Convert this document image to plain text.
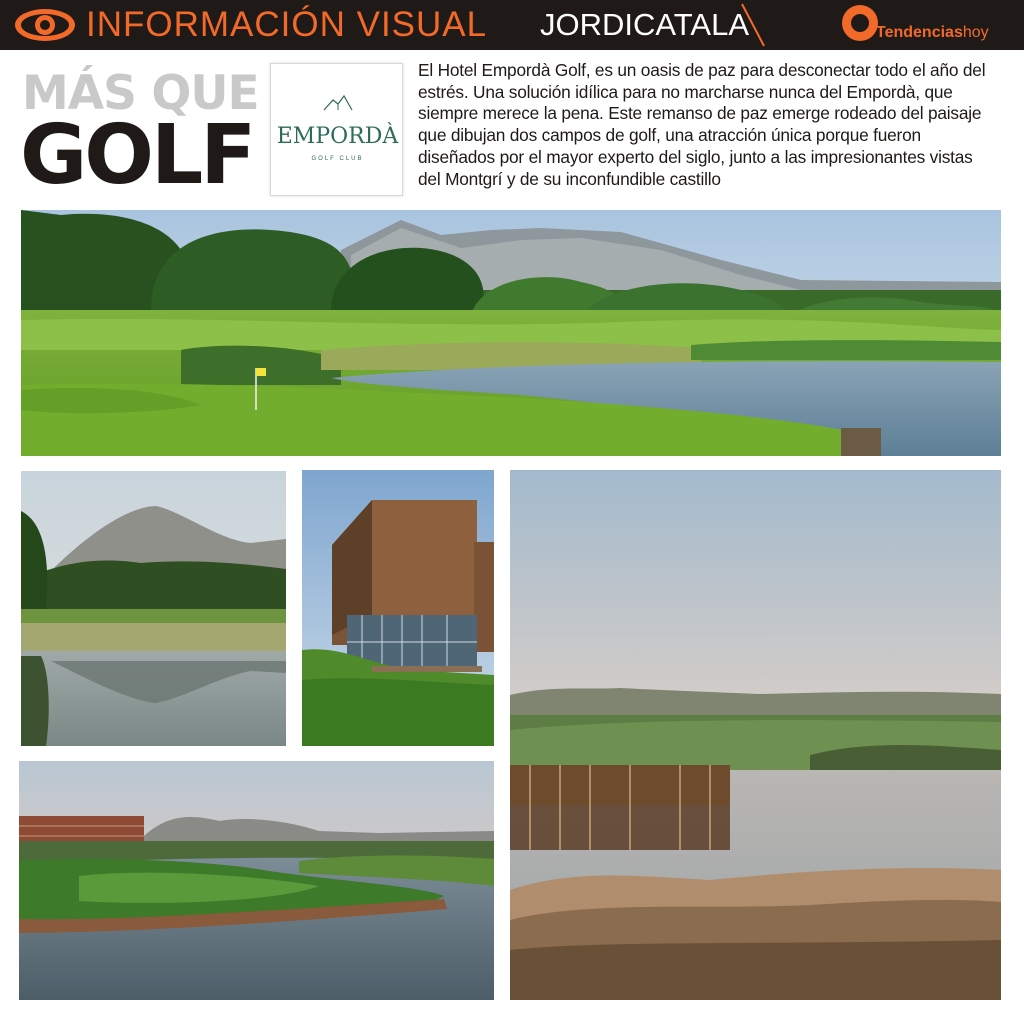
INFORMACIÓN VISUAL JORDICATALA	Tendenciashoy
MÁS QUE
GOLF EMPORDÀ
GOLF CLUB

El Hotel Empordà Golf, es un oasis de paz para desconectar todo el año del estrés. Una solución idílica para no marcharse nunca del Empordà, que siempre merece la pena. Este remanso de paz emerge rodeado del paisaje que dibujan dos campos de golf, una atracción única porque fueron diseñados por el mayor experto del siglo, junto a las impresionantes vistas del Montgrí y de su inconfundible castillo
